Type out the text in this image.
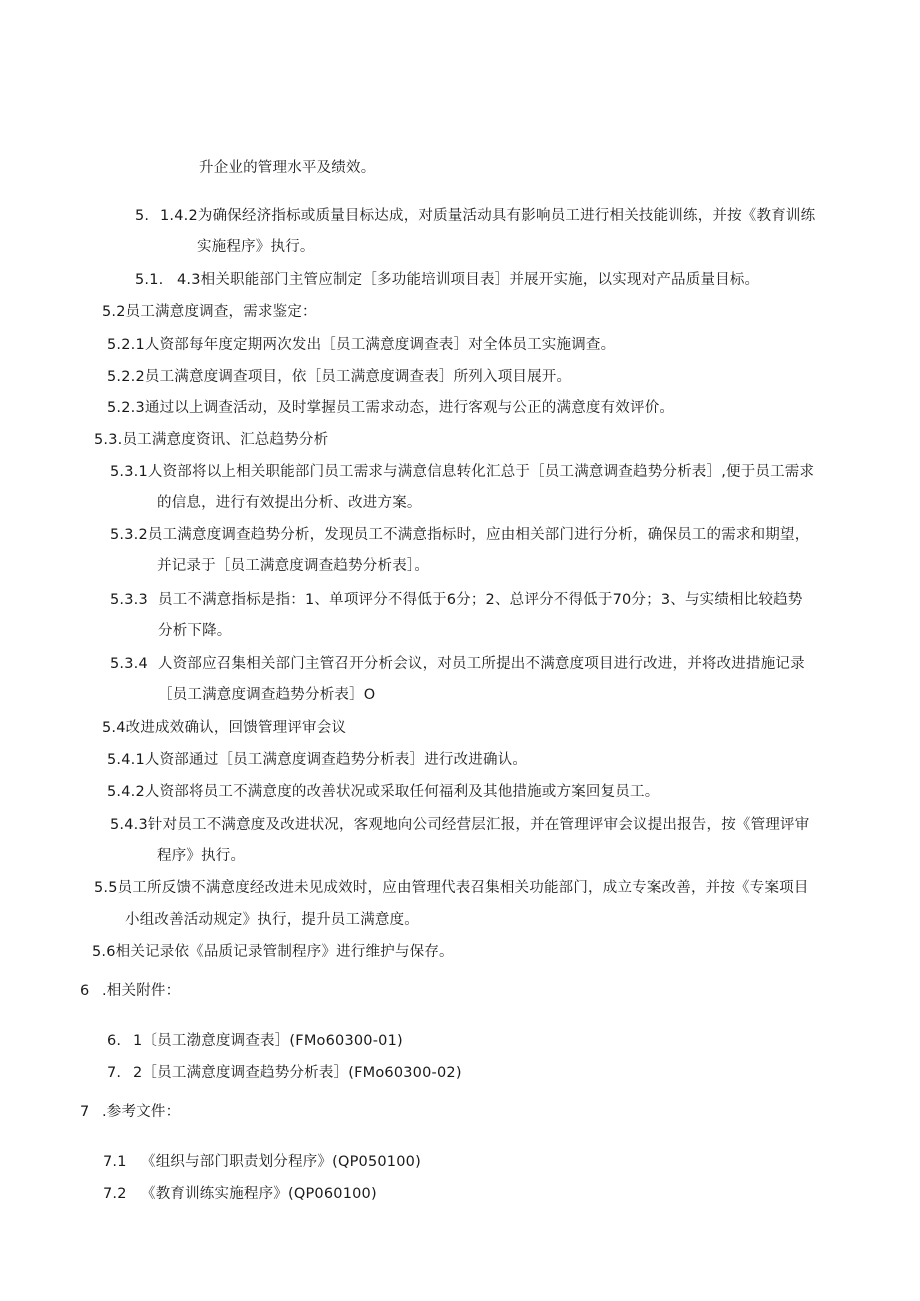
升企业的管理水平及绩效。
5. 1.4.2为确保经济指标或质量目标达成，对质量活动具有影响员工进行相关技能训练，并按《教育训练
实施程序》执行。
5.1. 4.3相关职能部门主管应制定［多功能培训项目表］并展开实施，以实现对产品质量目标。
5.2员工满意度调查，需求鉴定：
5.2.1人资部每年度定期两次发出［员工满意度调查表］对全体员工实施调查。
5.2.2员工满意度调查项目，依［员工满意度调查表］所列入项目展开。
5.2.3通过以上调查活动，及时掌握员工需求动态，进行客观与公正的满意度有效评价。
5.3.员工满意度资讯、汇总趋势分析
5.3.1人资部将以上相关职能部门员工需求与满意信息转化汇总于［员工满意调查趋势分析表］,便于员工需求
的信息，进行有效提出分析、改进方案。
5.3.2员工满意度调查趋势分析，发现员工不满意指标时，应由相关部门进行分析，确保员工的需求和期望，
并记录于［员工满意度调查趋势分析表］。
5.3.3 员工不满意指标是指：1、单项评分不得低于6分；2、总评分不得低于70分；3、与实绩相比较趋势
分析下降。
5.3.4 人资部应召集相关部门主管召开分析会议，对员工所提出不满意度项目进行改进，并将改进措施记录
［员工满意度调查趋势分析表］O
5.4改进成效确认，回馈管理评审会议
5.4.1人资部通过［员工满意度调查趋势分析表］进行改进确认。
5.4.2人资部将员工不满意度的改善状况或采取任何福利及其他措施或方案回复员工。
5.4.3针对员工不满意度及改进状况，客观地向公司经营层汇报，并在管理评审会议提出报告，按《管理评审
程序》执行。
5.5员工所反馈不满意度经改进未见成效时，应由管理代表召集相关功能部门，成立专案改善，并按《专案项目
小组改善活动规定》执行，提升员工满意度。
5.6相关记录依《品质记录管制程序》进行维护与保存。
6 .相关附件：
6. 1〔员工渤意度调查表］(FMo60300-01)
7. 2［员工满意度调查趋势分析表］(FMo60300-02)
7 .参考文件：
7.1 《组织与部门职责划分程序》(QP050100)
7.2 《教育训练实施程序》(QP060100)
